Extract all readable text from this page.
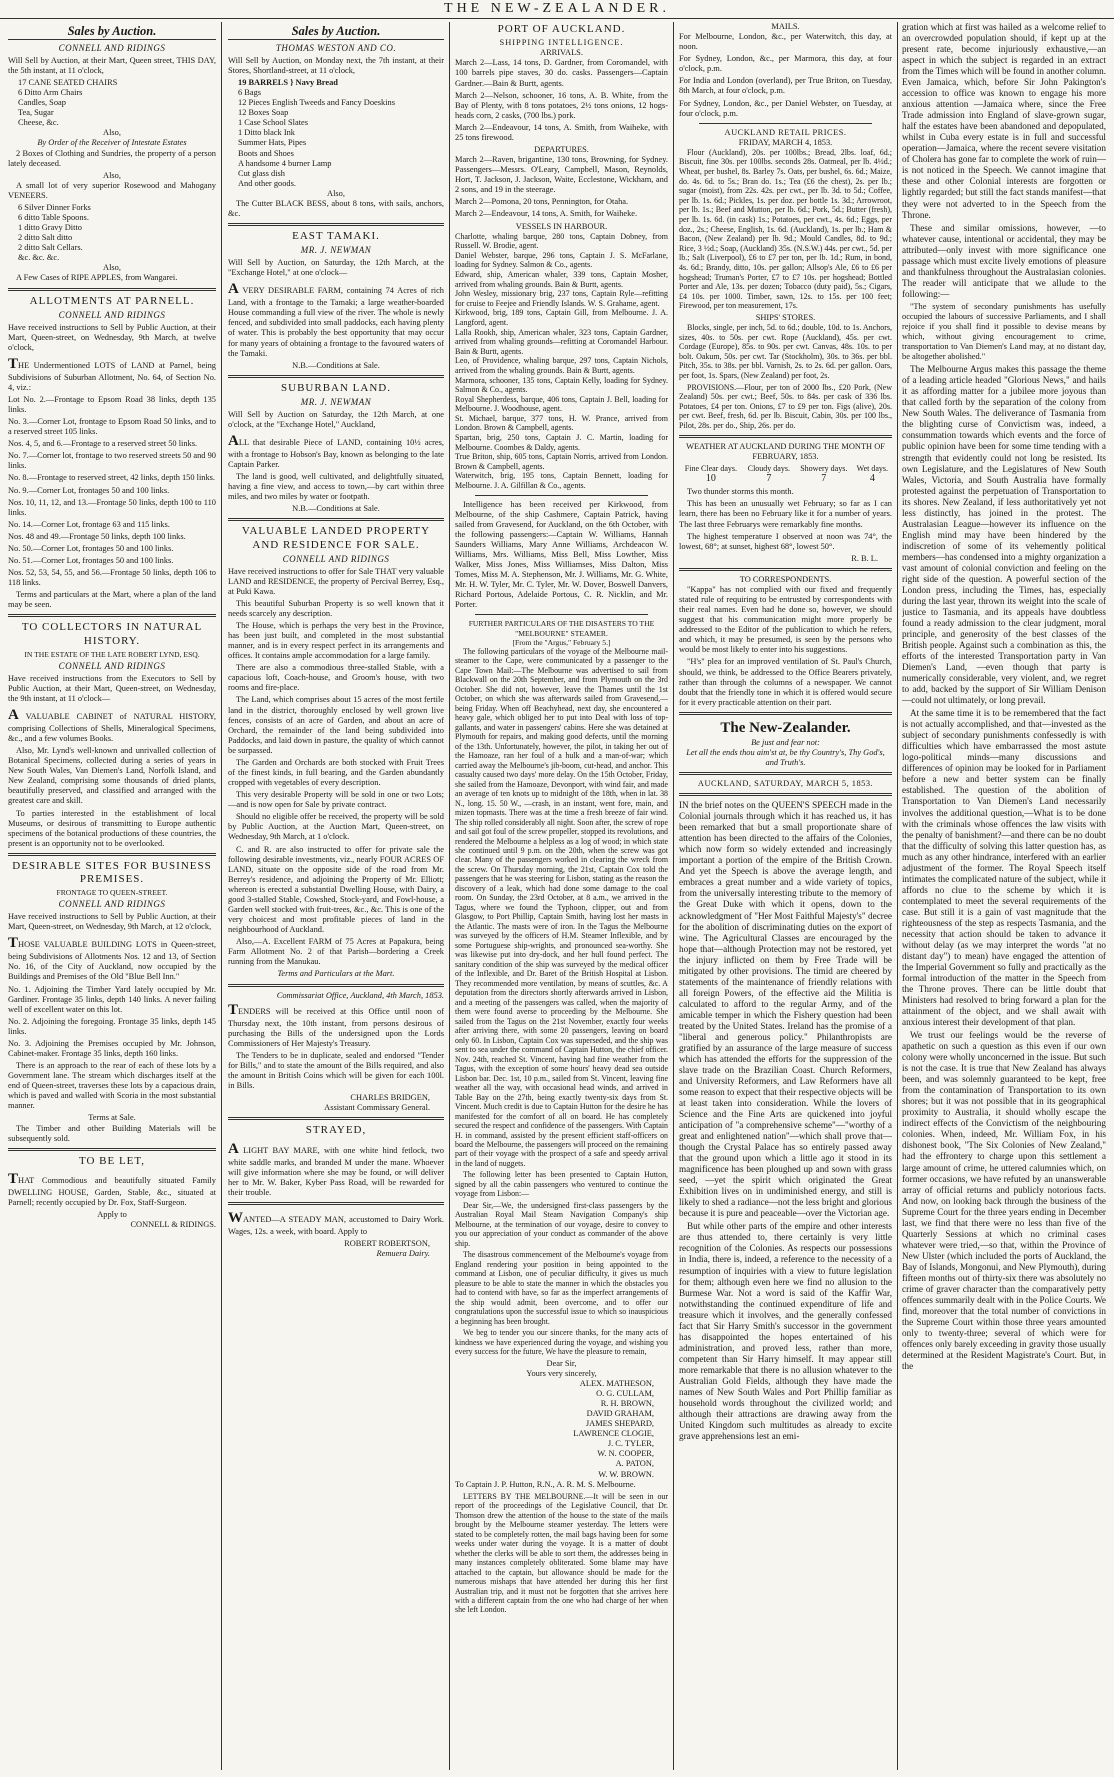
THE NEW-ZEALANDER.
Sales by Auction.
CONNELL AND RIDINGS
Will Sell by Auction, at their Mart, Queen street, THIS DAY, the 5th instant, at 11 o'clock,
17 CANE SEATED CHAIRS
6 Ditto Arm Chairs
Candles, Soap
Tea, Sugar
Cheese, &c.
Also,
By Order of the Receiver of Intestate Estates
2 Boxes of Clothing and Sundries, the property of a person lately deceased.
Also,
A small lot of very superior Rosewood and Mahogany VENEERS.
6 Silver Dinner Forks
6 ditto Table Spoons.
1 ditto Gravy Ditto
2 ditto Salt ditto
2 ditto Salt Cellars.
&c. &c. &c.
Also,
A Few Cases of RIPE APPLES, from Wangarei.
ALLOTMENTS AT PARNELL.
CONNELL AND RIDINGS
Have received instructions to Sell by Public Auction, at their Mart, Queen-street, on Wednesday, 9th March, at twelve o'clock,
THE Undermentioned LOTS of LAND at Parnel, being Subdivisions of Suburban Allotment, No. 64, of Section No. 4, viz.:
Lot No. 2.—Frontage to Epsom Road 38 links, depth 135 links.
No. 3.—Corner Lot, frontage to Epsom Road 50 links, and to a reserved street 105 links.
Nos. 4, 5, and 6.—Frontage to a reserved street 50 links.
No. 7.—Corner lot, frontage to two reserved streets 50 and 90 links.
No. 8.—Frontage to reserved street, 42 links, depth 150 links.
No. 9.—Corner Lot, frontages 50 and 100 links.
Nos. 10, 11, 12, and 13.—Frontage 50 links, depth 100 to 110 links.
No. 14.—Corner Lot, frontage 63 and 115 links.
Nos. 48 and 49.—Frontage 50 links, depth 100 links.
No. 50.—Corner Lot, frontages 50 and 100 links.
No. 51.—Corner Lot, frontages 50 and 100 links.
Nos. 52, 53, 54, 55, and 56.—Frontage 50 links, depth 106 to 118 links.
Terms and particulars at the Mart, where a plan of the land may be seen.
TO COLLECTORS IN NATURAL HISTORY.
IN THE ESTATE OF THE LATE ROBERT LYND, ESQ.
CONNELL AND RIDINGS
Have received instructions from the Executors to Sell by Public Auction, at their Mart, Queen-street, on Wednesday, the 9th instant, at 11 o'clock—
A VALUABLE CABINET of NATURAL HISTORY, comprising Collections of Shells, Mineralogical Specimens, &c., and a few volumes Books.
Also, Mr. Lynd's well-known and unrivalled collection of Botanical Specimens, collected during a series of years in New South Wales, Van Diemen's Land, Norfolk Island, and New Zealand, comprising some thousands of dried plants, beautifully preserved, and classified and arranged with the greatest care and skill.
To parties interested in the establishment of local Museums, or desirous of transmitting to Europe authentic specimens of the botanical productions of these countries, the present is an opportunity not to be overlooked.
DESIRABLE SITES FOR BUSINESS PREMISES.
FRONTAGE TO QUEEN-STREET.
CONNELL AND RIDINGS
Have received instructions to Sell by Public Auction, at their Mart, Queen-street, on Wednesday, 9th March, at 12 o'clock,
THOSE VALUABLE BUILDING LOTS in Queen-street, being Subdivisions of Allotments Nos. 12 and 13, of Section No. 16, of the City of Auckland, now occupied by the Buildings and Premises of the Old "Blue Bell Inn."
No. 1. Adjoining the Timber Yard lately occupied by Mr. Gardiner. Frontage 35 links, depth 140 links. A never failing well of excellent water on this lot.
No. 2. Adjoining the foregoing. Frontage 35 links, depth 145 links.
No. 3. Adjoining the Premises occupied by Mr. Johnson, Cabinet-maker. Frontage 35 links, depth 160 links.
There is an approach to the rear of each of these lots by a Government lane. The stream which discharges itself at the end of Queen-street, traverses these lots by a capacious drain, which is paved and walled with Scoria in the most substantial manner.
Terms at Sale.
The Timber and other Building Materials will be subsequently sold.
TO BE LET,
THAT Commodious and beautifully situated Family DWELLING HOUSE, Garden, Stable, &c., situated at Parnell; recently occupied by Dr. Fox, Staff-Surgeon.
Apply to
CONNELL & RIDINGS.
Sales by Auction.
THOMAS WESTON AND CO.
Will Sell by Auction, on Monday next, the 7th instant, at their Stores, Shortland-street, at 11 o'clock,
19 BARRELS } Navy Bread
6 Bags
12 Pieces English Tweeds and Fancy Doeskins
12 Boxes Soap
1 Case School Slates
1 Ditto black Ink
Summer Hats, Pipes
Boots and Shoes
A handsome 4 burner Lamp
Cut glass dish
And other goods.
Also,
The Cutter BLACK BESS, about 8 tons, with sails, anchors, &c.
EAST TAMAKI.
MR. J. NEWMAN
Will Sell by Auction, on Saturday, the 12th March, at the "Exchange Hotel," at one o'clock—
A VERY DESIRABLE FARM, containing 74 Acres of rich Land, with a frontage to the Tamaki; a large weather-boarded House commanding a full view of the river. The whole is newly fenced, and subdivided into small paddocks, each having plenty of water. This is probably the best opportunity that may occur for many years of obtaining a frontage to the favoured waters of the Tamaki.
N.B.—Conditions at Sale.
SUBURBAN LAND.
MR. J. NEWMAN
Will Sell by Auction on Saturday, the 12th March, at one o'clock, at the "Exchange Hotel," Auckland,
ALL that desirable Piece of LAND, containing 10½ acres, with a frontage to Hobson's Bay, known as belonging to the late Captain Parker.
The land is good, well cultivated, and delightfully situated, having a fine view, and access to town,—by cart within three miles, and two miles by water or footpath.
N.B.—Conditions at Sale.
VALUABLE LANDED PROPERTY AND RESIDENCE FOR SALE.
CONNELL AND RIDINGS
Have received instructions to offer for Sale THAT very valuable LAND and RESIDENCE, the property of Percival Berrey, Esq., at Puki Kawa.
This beautiful Suburban Property is so well known that it needs scarcely any description.
The House, which is perhaps the very best in the Province, has been just built, and completed in the most substantial manner, and is in every respect perfect in its arrangements and offices. It contains ample accommodation for a large family.
There are also a commodious three-stalled Stable, with a capacious loft, Coach-house, and Groom's house, with two rooms and fire-place.
The Land, which comprises about 15 acres of the most fertile land in the district, thoroughly enclosed by well grown live fences, consists of an acre of Garden, and about an acre of Orchard, the remainder of the land being subdivided into Paddocks, and laid down in pasture, the quality of which cannot be surpassed.
The Garden and Orchards are both stocked with Fruit Trees of the finest kinds, in full bearing, and the Garden abundantly cropped with vegetables of every description.
This very desirable Property will be sold in one or two Lots;—and is now open for Sale by private contract.
Should no eligible offer be received, the property will be sold by Public Auction, at the Auction Mart, Queen-street, on Wednesday, 9th March, at 1 o'clock.
C. and R. are also instructed to offer for private sale the following desirable investments, viz., nearly FOUR ACRES OF LAND, situate on the opposite side of the road from Mr. Berrey's residence, and adjoining the Property of Mr. Elliott; whereon is erected a substantial Dwelling House, with Dairy, a good 3-stalled Stable, Cowshed, Stock-yard, and Fowl-house, a Garden well stocked with fruit-trees, &c., &c. This is one of the very choicest and most profitable pieces of land in the neighbourhood of Auckland.
Also,—A. Excellent FARM of 75 Acres at Papakura, being Farm Allotment No. 2 of that Parish—bordering a Creek running from the Manukau.
Terms and Particulars at the Mart.
Commissariat Office, Auckland, 4th March, 1853.
TENDERS will be received at this Office until noon of Thursday next, the 10th instant, from persons desirous of purchasing the Bills of the undersigned upon the Lords Commissioners of Her Majesty's Treasury.
The Tenders to be in duplicate, sealed and endorsed "Tender for Bills," and to state the amount of the Bills required, and also the amount in British Coins which will be given for each 100l. in Bills.
CHARLES BRIDGEN,
Assistant Commissary General.
STRAYED,
A LIGHT BAY MARE, with one white hind fetlock, two white saddle marks, and branded M under the mane. Whoever will give information where she may be found, or will deliver her to Mr. W. Baker, Kyber Pass Road, will be rewarded for their trouble.
WANTED—A STEADY MAN, accustomed to Dairy Work. Wages, 12s. a week, with board. Apply to
ROBERT ROBERTSON,
Remuera Dairy.
PORT OF AUCKLAND.
SHIPPING INTELLIGENCE.
ARRIVALS.
March 2—Lass, 14 tons, D. Gardner, from Coromandel, with 100 barrels pipe staves, 30 do. casks. Passengers—Captain Gardner.—Bain & Burtt, agents.
March 2—Nelson, schooner, 16 tons, A. B. White, from the Bay of Plenty, with 8 tons potatoes, 2½ tons onions, 12 hogs-heads corn, 2 casks, (700 lbs.) pork.
March 2—Endeavour, 14 tons, A. Smith, from Waiheke, with 25 tons firewood.
DEPARTURES.
March 2—Raven, brigantine, 130 tons, Browning, for Sydney. Passengers—Messrs. O'Leary, Campbell, Mason, Reynolds, Hort, T. Jackson, J. Jackson, Waite, Ecclestone, Wickham, and 2 sons, and 19 in the steerage.
March 2—Pomona, 20 tons, Pennington, for Otaha.
March 2—Endeavour, 14 tons, A. Smith, for Waiheke.
VESSELS IN HARBOUR.
Charlotte, whaling barque, 280 tons, Captain Dobney, from Russell. W. Brodie, agent.
Daniel Webster, barque, 296 tons, Captain J. S. McFarlane, loading for Sydney. Salmon & Co., agents.
Edward, ship, American whaler, 339 tons, Captain Mosher, arrived from whaling grounds. Bain & Burtt, agents.
John Wesley, missionary brig, 237 tons, Captain Ryle—refitting for cruise to Feejee and Friendly Islands. W. S. Grahame, agent.
Kirkwood, brig, 189 tons, Captain Gill, from Melbourne. J. A. Langford, agent.
Lalla Rookh, ship, American whaler, 323 tons, Captain Gardner, arrived from whaling grounds—refitting at Coromandel Harbour. Bain & Burtt, agents.
Leo, of Providence, whaling barque, 297 tons, Captain Nichols, arrived from the whaling grounds. Bain & Burtt, agents.
Marmora, schooner, 135 tons, Captain Kelly, loading for Sydney. Salmon & Co., agents.
Royal Shepherdess, barque, 406 tons, Captain J. Bell, loading for Melbourne. J. Woodhouse, agent.
St. Michael, barque, 377 tons, H. W. Prance, arrived from London. Brown & Campbell, agents.
Spartan, brig, 250 tons, Captain J. C. Martin, loading for Melbourne. Coombes & Daldy, agents.
True Briton, ship, 605 tons, Captain Norris, arrived from London. Brown & Campbell, agents.
Waterwitch, brig, 195 tons, Captain Bennett, loading for Melbourne. J. A. Gilfillan & Co., agents.
Intelligence has been received per Kirkwood, from Melbourne, of the ship Cashmere, Captain Patrick, having sailed from Gravesend, for Auckland, on the 6th October, with the following passengers:—Captain W. Williams, Hannah Saunders Williams, Mary Anne Williams, Archdeacon W. Williams, Mrs. Williams, Miss Bell, Miss Lowther, Miss Walker, Miss Jones, Miss Williamses, Miss Dalton, Miss Tomes, Miss M. A. Stephenson, Mr. J. Williams, Mr. G. White, Mr. H. W. Tyler, Mr. C. Tyler, Mr. W. Dover, Boswell Danvers, Richard Portous, Adelaide Portous, C. R. Nicklin, and Mr. Porter.
FURTHER PARTICULARS OF THE DISASTERS TO THE "MELBOURNE" STEAMER.
[From the "Argus," February 5.]
The following particulars of the voyage of the Melbourne mail-steamer to the Cape, were communicated by a passenger to the Cape Town Mail:—The Melbourne was advertised to sail from Blackwall on the 20th September, and from Plymouth on the 3rd October. She did not, however, leave the Thames until the 1st October, on which she was afterwards sailed from Gravesend,—being Friday. When off Beachyhead, next day, she encountered a heavy gale, which obliged her to put into Deal with loss of top-gallants, and water in passengers' cabins. Here she was detained at Plymouth for repairs, and making good defects, until the morning of the 13th. Unfortunately, however, the pilot, in taking her out of the Hamoaze, ran her foul of a hulk and a man-of-war; which carried away the Melbourne's jib-boom, cut-head, and anchor. This casualty caused two days' more delay. On the 15th October, Friday, she sailed from the Hamoaze, Devonport, with wind fair, and made an average of ten knots up to midnight of the 18th, when in lat. 38 N., long. 15. 50 W., —crash, in an instant, went fore, main, and mizen topmasts. There was at the time a fresh breeze of fair wind. The ship rolled considerably all night. Soon after, the screw of rope and sail got foul of the screw propeller, stopped its revolutions, and rendered the Melbourne a helpless as a log of wood; in which state she continued until 9 p.m. on the 20th, when the screw was got clear. Many of the passengers worked in clearing the wreck from the screw. On Thursday morning, the 21st, Captain Cox told the passengers that he was steering for Lisbon, stating as the reason the discovery of a leak, which had done some damage to the coal room. On Sunday, the 23rd October, at 8 a.m., we arrived in the Tagus, where we found the Typhoon, clipper, out and from Glasgow, to Port Phillip, Captain Smith, having lost her masts in the Atlantic. The masts were of iron. In the Tagus the Melbourne was surveyed by the officers of H.M. Steamer Inflexible, and by some Portuguese ship-wrights, and pronounced sea-worthy. She was likewise put into dry-dock, and her hull found perfect. The sanitary condition of the ship was surveyed by the medical officer of the Inflexible, and Dr. Baret of the British Hospital at Lisbon. They recommended more ventilation, by means of scuttles, &c. A deputation from the directors shortly afterwards arrived in Lisbon, and a meeting of the passengers was called, when the majority of them were found averse to proceeding by the Melbourne. She sailed from the Tagus on the 21st November, exactly four weeks after arriving there, with some 20 passengers, leaving on board only 60. In Lisbon, Captain Cox was superseded, and the ship was sent to sea under the command of Captain Hutton, the chief officer. Nov. 24th, reached St. Vincent, having had fine weather from the Tagus, with the exception of some hours' heavy dead sea outside Lisbon bar. Dec. 1st, 10 p.m., sailed from St. Vincent, leaving fine weather all the way, with occasional head winds, and arrived in Table Bay on the 27th, being exactly twenty-six days from St. Vincent. Much credit is due to Captain Hutton for the desire he has manifested for the comfort of all on board. He has completely secured the respect and confidence of the passengers. With Captain H. in command, assisted by the present efficient staff-officers on board the Melbourne, the passengers will proceed on the remaining part of their voyage with the prospect of a safe and speedy arrival in the land of nuggets.
The following letter has been presented to Captain Hutton, signed by all the cabin passengers who ventured to continue the voyage from Lisbon:—
Dear Sir,—We, the undersigned first-class passengers by the Australian Royal Mail Steam Navigation Company's ship Melbourne, at the termination of our voyage, desire to convey to you our appreciation of your conduct as commander of the above ship.
The disastrous commencement of the Melbourne's voyage from England rendering your position in being appointed to the command at Lisbon, one of peculiar difficulty, it gives us much pleasure to be able to state the manner in which the obstacles you had to contend with have, so far as the imperfect arrangements of the ship would admit, been overcome, and to offer our congratulations upon the successful issue to which so inauspicious a beginning has been brought.
We beg to tender you our sincere thanks, for the many acts of kindness we have experienced during the voyage, and wishing you every success for the future, We have the pleasure to remain,
Dear Sir,
Yours very sincerely,
ALEX. MATHESON,
O. G. CULLAM,
R. H. BROWN,
DAVID GRAHAM,
JAMES SHEPARD,
LAWRENCE CLOGIE,
J. C. TYLER,
W. N. COOPER,
A. PATON,
W. W. BROWN.
To Captain J. P. Hutton, R.N., A. R. M. S. Melbourne.
LETTERS BY THE MELBOURNE.—It will be seen in our report of the proceedings of the Legislative Council, that Dr. Thomson drew the attention of the house to the state of the mails brought by the Melbourne steamer yesterday. The letters were stated to be completely rotten, the mail bags having been for some weeks under water during the voyage. It is a matter of doubt whether the clerks will be able to sort them, the addresses being in many instances completely obliterated. Some blame may have attached to the captain, but allowance should be made for the numerous mishaps that have attended her during this her first Australian trip, and it must not be forgotten that she arrives here with a different captain from the one who had charge of her when she left London.
MAILS.
For Melbourne, London, &c., per Waterwitch, this day, at noon.
For Sydney, London, &c., per Marmora, this day, at four o'clock, p.m.
For India and London (overland), per True Briton, on Tuesday, 8th March, at four o'clock, p.m.
For Sydney, London, &c., per Daniel Webster, on Tuesday, at four o'clock, p.m.
AUCKLAND RETAIL PRICES.
FRIDAY, MARCH 4, 1853.
Flour (Auckland), 20s. per 100lbs.; Bread, 2lbs. loaf, 6d.; Biscuit, fine 30s. per 100lbs. seconds 28s. Oatmeal, per lb. 4½d.; Wheat, per bushel, 8s. Barley 7s. Oats, per bushel, 6s. 6d.; Maize, do. 4s. 6d. to 5s.; Bran do. 1s.; Tea (£6 the chest), 2s. per lb.; sugar (moist), from 22s. 42s. per cwt., per lb. 3d. to 5d.; Coffee, per lb. 1s. 6d.; Pickles, 1s. per doz. per bottle 1s. 3d.; Arrowroot, per lb. 1s.; Beef and Mutton, per lb. 6d.; Pork, 5d.; Butter (fresh), per lb. 1s. 6d. (in cask) 1s.; Potatoes, per cwt., 4s. 6d.; Eggs, per doz., 2s.; Cheese, English, 1s. 6d. (Auckland), 1s. per lb.; Ham & Bacon, (New Zealand) per lb. 9d.; Mould Candles, 8d. to 9d.; Rice, 3 ½d.; Soap, (Auckland) 35s. (N.S.W.) 44s. per cwt., 5d. per lb.; Salt (Liverpool), £6 to £7 per ton, per lb. 1d.; Rum, in bond, 4s. 6d.; Brandy, ditto, 10s. per gallon; Allsop's Ale, £6 to £6 per hogshead; Truman's Porter, £7 to £7 10s. per hogshead; Bottled Porter and Ale, 13s. per dozen; Tobacco (duty paid), 5s.; Cigars, £4 10s. per 1000. Timber, sawn, 12s. to 15s. per 100 feet; Firewood, per ton measurement, 17s.
SHIPS' STORES.
Blocks, single, per inch, 5d. to 6d.; double, 10d. to 1s. Anchors, sizes, 40s. to 50s. per cwt. Rope (Auckland), 45s. per cwt. Cordage (Europe), 85s. to 90s. per cwt. Canvas, 48s. 10s. to per bolt. Oakum, 50s. per cwt. Tar (Stockholm), 30s. to 36s. per bbl. Pitch, 35s. to 38s. per bbl. Varnish, 2s. to 2s. 6d. per gallon. Oars, per foot, 1s. Spars, (New Zealand) per foot, 2s.
PROVISIONS.—Flour, per ton of 2000 lbs., £20 Pork, (New Zealand) 50s. per cwt.; Beef, 50s. to 84s. per cask of 336 lbs. Potatoes, £4 per ton. Onions, £7 to £9 per ton. Figs (alive), 20s. per cwt. Beef, fresh, 6d. per lb. Biscuit, Cabin, 30s. per 100 lbs., Pilot, 28s. per do., Ship, 26s. per do.
WEATHER AT AUCKLAND DURING THE MONTH OF FEBRUARY, 1853.
Fine Clear days.	Cloudy days.	Showery days.	Wet days.
10	7	7	4
Two thunder storms this month.
This has been an unusually wet February; so far as I can learn, there has been no February like it for a number of years. The last three Februarys were remarkably fine months.
The highest temperature I observed at noon was 74°, the lowest, 68°; at sunset, highest 68°, lowest 50°.
R. B. L.
TO CORRESPONDENTS.
"Kappa" has not complied with our fixed and frequently stated rule of requiring to be entrusted by correspondents with their real names. Even had he done so, however, we should suggest that his communication might more properly be addressed to the Editor of the publication to which he refers, and which, it may be presumed, is seen by the persons who would be most likely to enter into his suggestions.
"H's" plea for an improved ventilation of St. Paul's Church, should, we think, be addressed to the Office Bearers privately, rather than through the columns of a newspaper. We cannot doubt that the friendly tone in which it is offered would secure for it every practicable attention on their part.
The New-Zealander.
Be just and fear not:
Let all the ends thou aim'st at, be thy Country's, Thy God's, and Truth's.
AUCKLAND, SATURDAY, MARCH 5, 1853.
IN the brief notes on the QUEEN'S SPEECH made in the Colonial journals through which it has reached us, it has been remarked that but a small proportionate share of attention has been directed to the affairs of the Colonies, which now form so widely extended and increasingly important a portion of the empire of the British Crown. And yet the Speech is above the average length, and embraces a great number and a wide variety of topics, from the universally interesting tribute to the memory of the Great Duke with which it opens, down to the acknowledgment of "Her Most Faithful Majesty's" decree for the abolition of discriminating duties on the export of wine. The Agricultural Classes are encouraged by the hope that—although Protection may not be restored, yet the injury inflicted on them by Free Trade will be mitigated by other provisions. The timid are cheered by statements of the maintenance of friendly relations with all foreign Powers, of the effective aid the Militia is calculated to afford to the regular Army, and of the amicable temper in which the Fishery question had been treated by the United States. Ireland has the promise of a "liberal and generous policy." Philanthropists are gratified by an assurance of the large measure of success which has attended the efforts for the suppression of the slave trade on the Brazilian Coast. Church Reformers, and University Reformers, and Law Reformers have all some reason to expect that their respective objects will be at least taken into consideration. While the lovers of Science and the Fine Arts are quickened into joyful anticipation of "a comprehensive scheme"—"worthy of a great and enlightened nation"—which shall prove that—though the Crystal Palace has so entirely passed away that the ground upon which a little ago it stood in its magnificence has been ploughed up and sown with grass seed, —yet the spirit which originated the Great Exhibition lives on in undiminished energy, and still is likely to shed a radiance—not the less bright and glorious because it is pure and peaceable—over the Victorian age.
But while other parts of the empire and other interests are thus attended to, there certainly is very little recognition of the Colonies. As respects our possessions in India, there is, indeed, a reference to the necessity of a resumption of inquiries with a view to future legislation for them; although even here we find no allusion to the Burmese War. Not a word is said of the Kaffir War, notwithstanding the continued expenditure of life and treasure which it involves, and the generally confessed fact that Sir Harry Smith's successor in the government has disappointed the hopes entertained of his administration, and proved less, rather than more, competent than Sir Harry himself. It may appear still more remarkable that there is no allusion whatever to the Australian Gold Fields, although they have made the names of New South Wales and Port Phillip familiar as household words throughout the civilized world; and although their attractions are drawing away from the United Kingdom such multitudes as already to excite grave apprehensions lest an emi-
gration which at first was hailed as a welcome relief to an overcrowded population should, if kept up at the present rate, become injuriously exhaustive,—an aspect in which the subject is regarded in an extract from the Times which will be found in another column. Even Jamaica, which, before Sir John Pakington's accession to office was known to engage his more anxious attention —Jamaica where, since the Free Trade admission into England of slave-grown sugar, half the estates have been abandoned and depopulated, whilst in Cuba every estate is in full and successful operation—Jamaica, where the recent severe visitation of Cholera has gone far to complete the work of ruin—is not noticed in the Speech. We cannot imagine that these and other Colonial interests are forgotten or lightly regarded; but still the fact stands manifest—that they were not adverted to in the Speech from the Throne.
These and similar omissions, however, —to whatever cause, intentional or accidental, they may be attributed—only invest with more significance one passage which must excite lively emotions of pleasure and thankfulness throughout the Australasian colonies. The reader will anticipate that we allude to the following:—
"The system of secondary punishments has usefully occupied the labours of successive Parliaments, and I shall rejoice if you shall find it possible to devise means by which, without giving encouragement to crime, transportation to Van Diemen's Land may, at no distant day, be altogether abolished."
The Melbourne Argus makes this passage the theme of a leading article headed "Glorious News," and hails it as affording matter for a jubilee more joyous than that called forth by the separation of the colony from New South Wales. The deliverance of Tasmania from the blighting curse of Convictism was, indeed, a consummation towards which events and the force of public opinion have been for some time tending with a strength that evidently could not long be resisted. Its own Legislature, and the Legislatures of New South Wales, Victoria, and South Australia have formally protested against the perpetuation of Transportation to its shores. New Zealand, if less authoritatively yet not less distinctly, has joined in the protest. The Australasian League—however its influence on the English mind may have been hindered by the indiscretion of some of its vehemently political members—has condensed into a mighty organization a vast amount of colonial conviction and feeling on the right side of the question. A powerful section of the London press, including the Times, has, especially during the last year, thrown its weight into the scale of justice to Tasmania, and its appeals have doubtless found a ready admission to the clear judgment, moral principle, and generosity of the best classes of the British people. Against such a combination as this, the efforts of the interested Transportation party in Van Diemen's Land, —even though that party is numerically considerable, very violent, and, we regret to add, backed by the support of Sir William Denison—could not ultimately, or long prevail.
At the same time it is to be remembered that the fact is not actually accomplished, and that—invested as the subject of secondary punishments confessedly is with difficulties which have embarrassed the most astute logo-political minds—many discussions and differences of opinion may be looked for in Parliament before a new and better system can be finally established. The question of the abolition of Transportation to Van Diemen's Land necessarily involves the additional question,—What is to be done with the criminals whose offences the law visits with the penalty of banishment?—and there can be no doubt that the difficulty of solving this latter question has, as much as any other hindrance, interfered with an earlier adjustment of the former. The Royal Speech itself intimates the complicated nature of the subject, while it affords no clue to the scheme by which it is contemplated to meet the several requirements of the case. But still it is a gain of vast magnitude that the righteousness of the step as respects Tasmania, and the necessity that action should be taken to advance it without delay (as we may interpret the words "at no distant day") to mean) have engaged the attention of the Imperial Government so fully and practically as the formal introduction of the matter in the Speech from the Throne proves. There can be little doubt that Ministers had resolved to bring forward a plan for the attainment of the object, and we shall await with anxious interest their development of that plan.
We trust our feelings would be the reverse of apathetic on such a question as this even if our own colony were wholly unconcerned in the issue. But such is not the case. It is true that New Zealand has always been, and was solemnly guaranteed to be kept, free from the contamination of Transportation to its own shores; but it was not possible that in its geographical proximity to Australia, it should wholly escape the indirect effects of the Convictism of the neighbouring colonies. When, indeed, Mr. William Fox, in his dishonest book, "The Six Colonies of New Zealand," had the effrontery to charge upon this settlement a large amount of crime, he uttered calumnies which, on former occasions, we have refuted by an unanswerable array of official returns and publicly notorious facts. And now, on looking back through the business of the Supreme Court for the three years ending in December last, we find that there were no less than five of the Quarterly Sessions at which no criminal cases whatever were tried,—so that, within the Province of New Ulster (which included the ports of Auckland, the Bay of Islands, Mongonui, and New Plymouth), during fifteen months out of thirty-six there was absolutely no crime of graver character than the comparatively petty offences summarily dealt with in the Police Courts. We find, moreover that the total number of convictions in the Supreme Court within those three years amounted only to twenty-three; several of which were for offences only barely exceeding in gravity those usually determined at the Resident Magistrate's Court. But, in the
